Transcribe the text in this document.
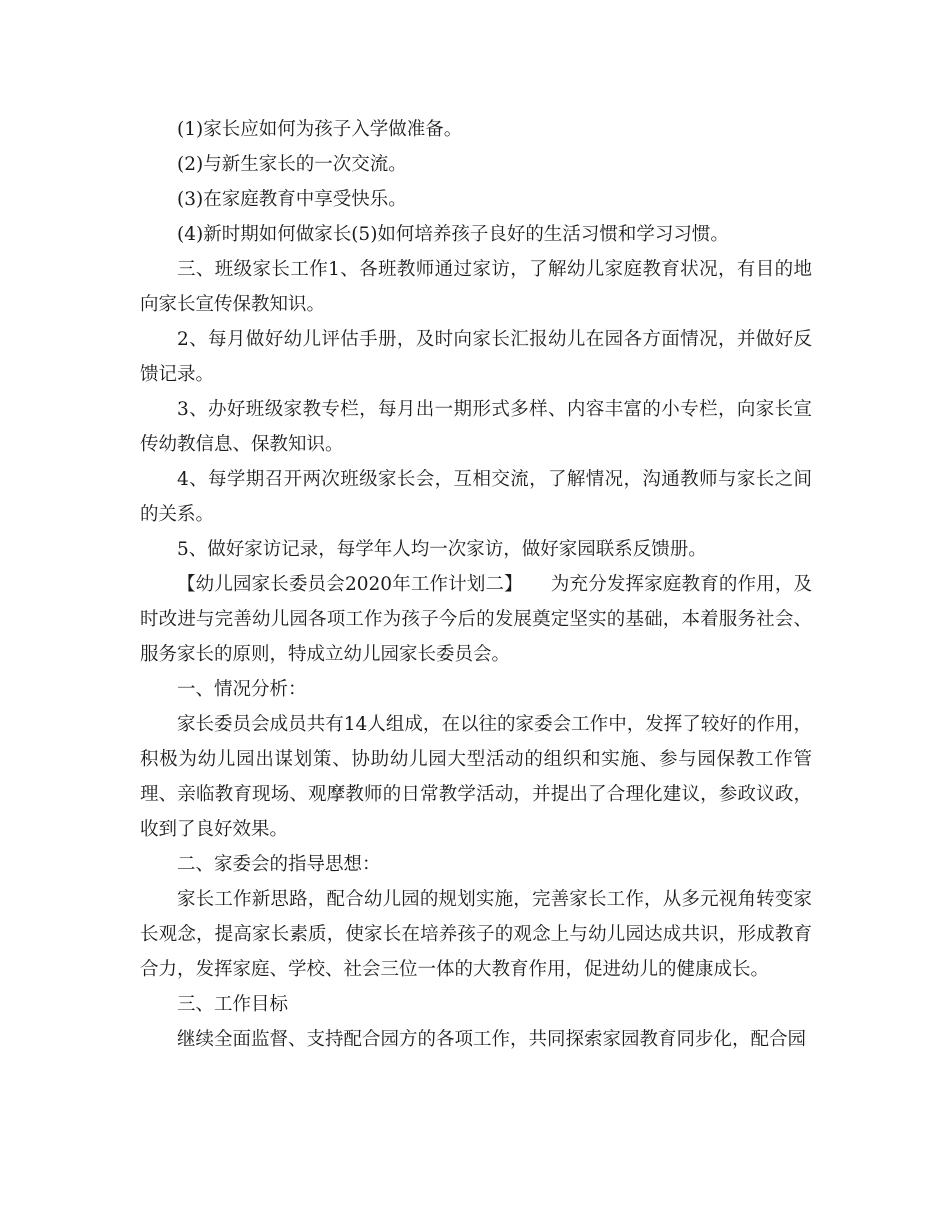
(1)家长应如何为孩子入学做准备。

(2)与新生家长的一次交流。

(3)在家庭教育中享受快乐。

(4)新时期如何做家长(5)如何培养孩子良好的生活习惯和学习习惯。

三、班级家长工作1、各班教师通过家访，了解幼儿家庭教育状况，有目的地向家长宣传保教知识。

2、每月做好幼儿评估手册，及时向家长汇报幼儿在园各方面情况，并做好反馈记录。

3、办好班级家教专栏，每月出一期形式多样、内容丰富的小专栏，向家长宣传幼教信息、保教知识。

4、每学期召开两次班级家长会，互相交流，了解情况，沟通教师与家长之间的关系。

5、做好家访记录，每学年人均一次家访，做好家园联系反馈册。

【幼儿园家长委员会2020年工作计划二】　　为充分发挥家庭教育的作用，及时改进与完善幼儿园各项工作为孩子今后的发展奠定坚实的基础，本着服务社会、服务家长的原则，特成立幼儿园家长委员会。

一、情况分析：

家长委员会成员共有14人组成，在以往的家委会工作中，发挥了较好的作用，积极为幼儿园出谋划策、协助幼儿园大型活动的组织和实施、参与园保教工作管理、亲临教育现场、观摩教师的日常教学活动，并提出了合理化建议，参政议政，收到了良好效果。

二、家委会的指导思想：

家长工作新思路，配合幼儿园的规划实施，完善家长工作，从多元视角转变家长观念，提高家长素质，使家长在培养孩子的观念上与幼儿园达成共识，形成教育合力，发挥家庭、学校、社会三位一体的大教育作用，促进幼儿的健康成长。

三、工作目标

继续全面监督、支持配合园方的各项工作，共同探索家园教育同步化，配合园
